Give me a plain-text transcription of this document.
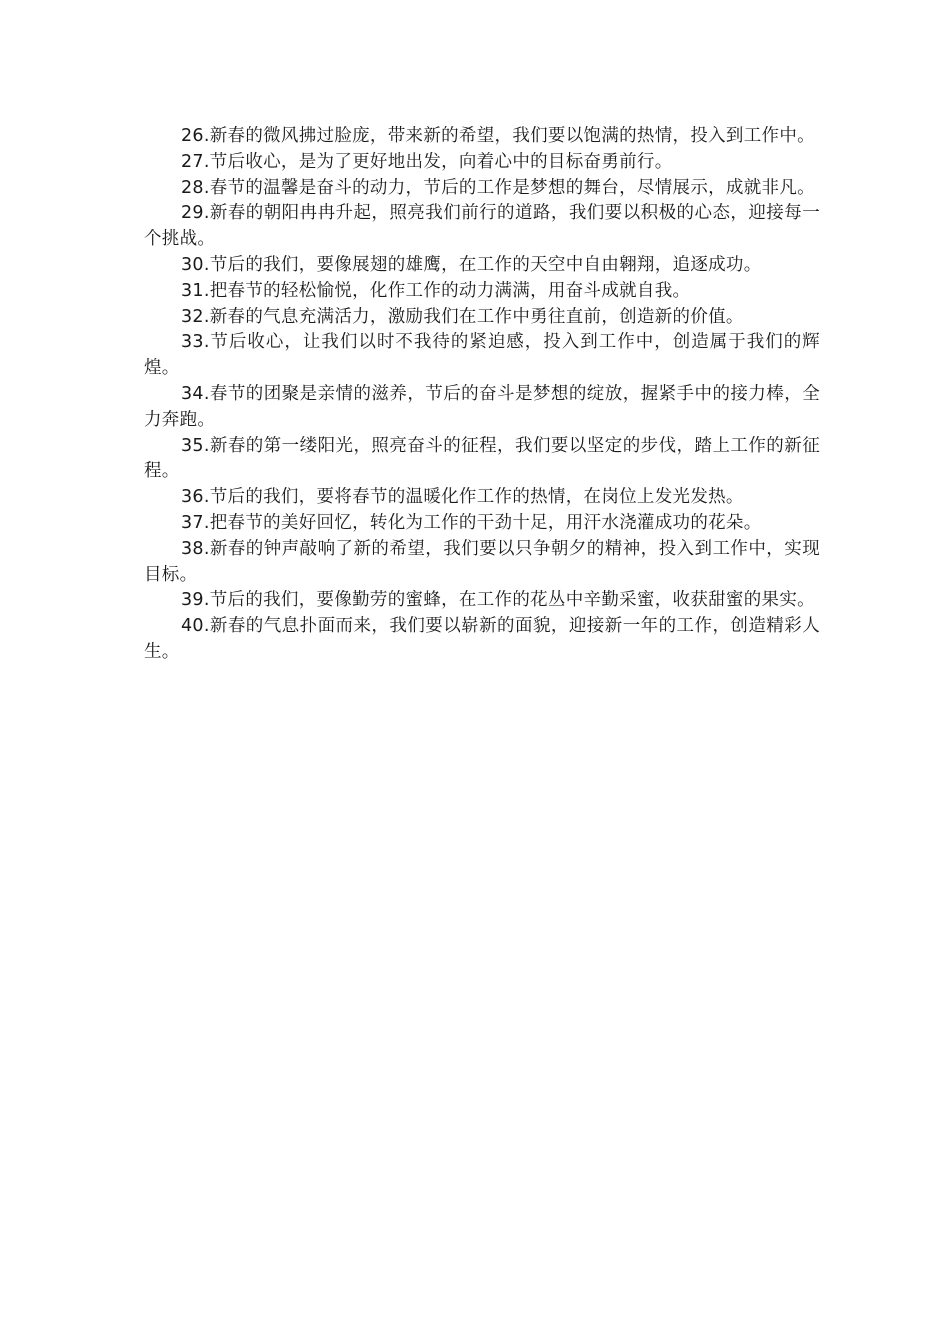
26.新春的微风拂过脸庞，带来新的希望，我们要以饱满的热情，投入到工作中。

27.节后收心，是为了更好地出发，向着心中的目标奋勇前行。

28.春节的温馨是奋斗的动力，节后的工作是梦想的舞台，尽情展示，成就非凡。

29.新春的朝阳冉冉升起，照亮我们前行的道路，我们要以积极的心态，迎接每一个挑战。

30.节后的我们，要像展翅的雄鹰，在工作的天空中自由翱翔，追逐成功。

31.把春节的轻松愉悦，化作工作的动力满满，用奋斗成就自我。

32.新春的气息充满活力，激励我们在工作中勇往直前，创造新的价值。

33.节后收心，让我们以时不我待的紧迫感，投入到工作中，创造属于我们的辉煌。

34.春节的团聚是亲情的滋养，节后的奋斗是梦想的绽放，握紧手中的接力棒，全力奔跑。

35.新春的第一缕阳光，照亮奋斗的征程，我们要以坚定的步伐，踏上工作的新征程。

36.节后的我们，要将春节的温暖化作工作的热情，在岗位上发光发热。

37.把春节的美好回忆，转化为工作的干劲十足，用汗水浇灌成功的花朵。

38.新春的钟声敲响了新的希望，我们要以只争朝夕的精神，投入到工作中，实现目标。

39.节后的我们，要像勤劳的蜜蜂，在工作的花丛中辛勤采蜜，收获甜蜜的果实。

40.新春的气息扑面而来，我们要以崭新的面貌，迎接新一年的工作，创造精彩人生。
